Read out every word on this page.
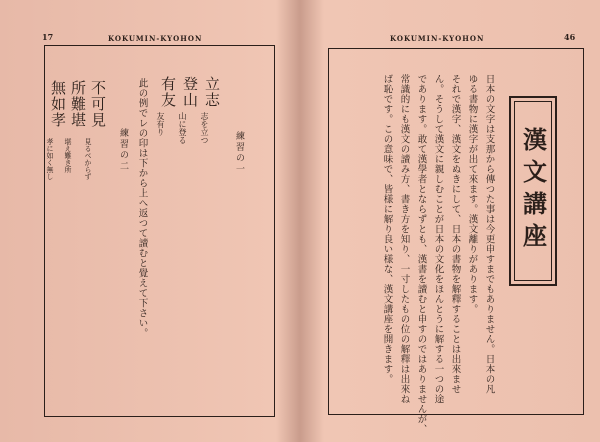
17	KOKUMIN-KYOHON
練習の一
立志
志を立つ
登山
山に登る
有友
友有り
此の例でレの印は下から上へ返つて讀むと覺えて下さい。
練習の二
不可見
見るべからず
所難堪
堪え難き所
無如孝
孝に如く無し
KOKUMIN-KYOHON	46
漢文講座
日本の文字は支那から傳つた事は今更申すまでもありません。日本の凡
ゆる書物に漢字が出て來ます。漢文離りがあります。
それで漢字、漢文をぬきにして、日本の書物を解釋することは出來ませ
ん。そうして漢文に親しむことが日本の文化をほんとうに解する一つの途
であります。敢て漢學者とならずとも、漢書を讀むと申すのではありませんが、
常識的にも漢文の讀み方、書き方を知り、一寸したもの位の解釋は出來ね
ば恥です。この意味で、皆様に解り良い様な、漢文講座を開きます。
